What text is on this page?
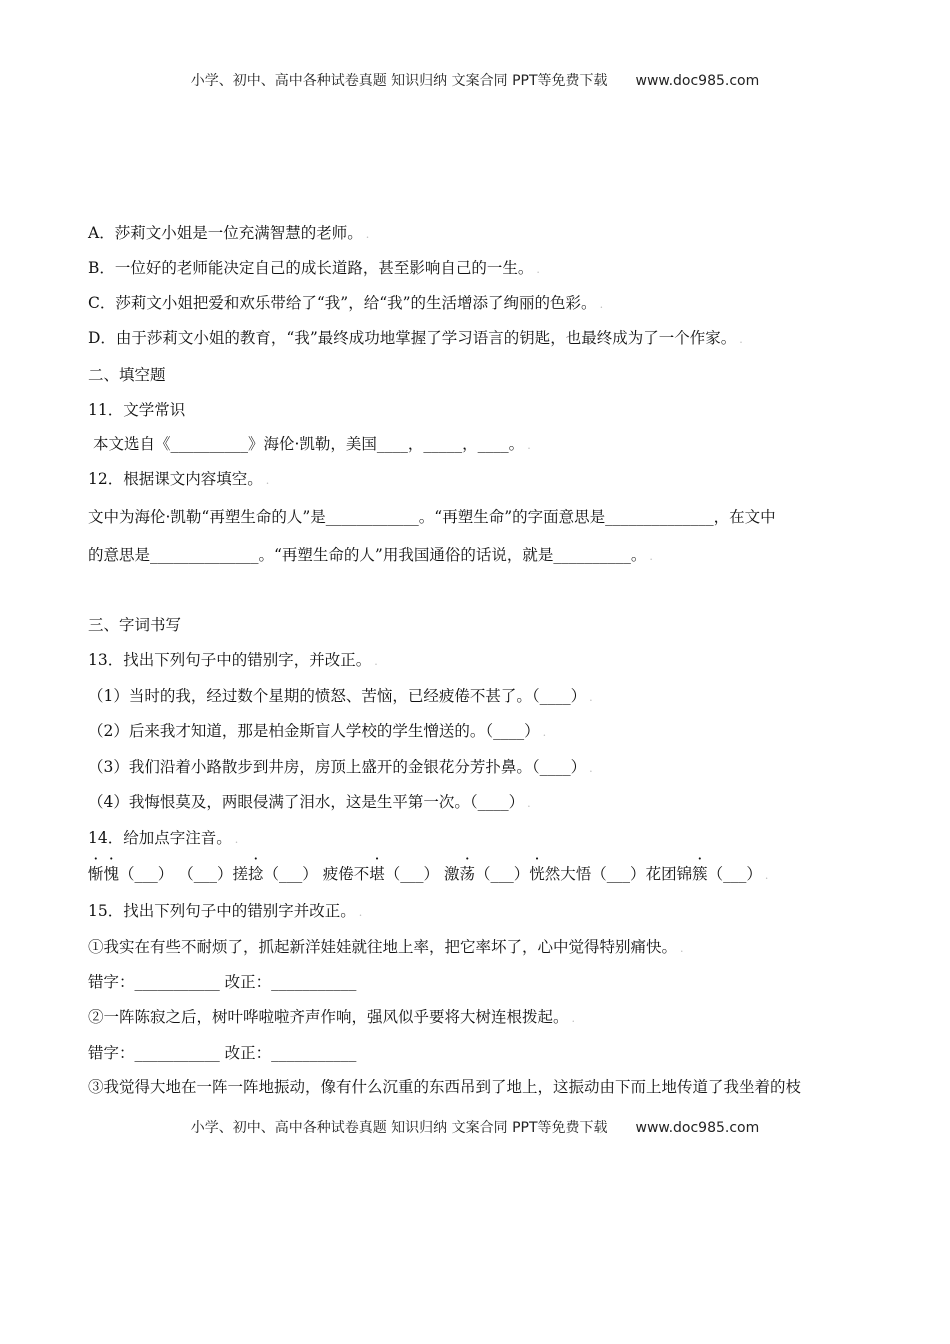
小学、初中、高中各种试卷真题 知识归纳 文案合同 PPT等免费下载 www.doc985.com
A．莎莉文小姐是一位充满智慧的老师。 .
B．一位好的老师能决定自己的成长道路，甚至影响自己的一生。 .
C．莎莉文小姐把爱和欢乐带给了“我”，给“我”的生活增添了绚丽的色彩。 .
D．由于莎莉文小姐的教育，“我”最终成功地掌握了学习语言的钥匙，也最终成为了一个作家。 .
二、填空题
11．文学常识
本文选自《__________》海伦·凯勒，美国____，_____，____。 .
12．根据课文内容填空。 .
文中为海伦·凯勒“再塑生命的人”是____________。“再塑生命”的字面意思是______________，在文中
的意思是______________。“再塑生命的人”用我国通俗的话说，就是__________。 .
三、字词书写
13．找出下列句子中的错别字，并改正。 .
（1）当时的我，经过数个星期的愤怒、苦恼，已经疲倦不甚了。（____） .
（2）后来我才知道，那是柏金斯盲人学校的学生憎送的。（____） .
（3）我们沿着小路散步到井房，房顶上盛开的金银花分芳扑鼻。（____） .
（4）我悔恨莫及，两眼侵满了泪水，这是生平第一次。（____） .
14．给加点字注音。 .
惭愧（___） （___）搓捻（___） 疲倦不堪（___） 激荡（___）恍然大悟（___）花团锦簇（___） .
15．找出下列句子中的错别字并改正。 .
①我实在有些不耐烦了，抓起新洋娃娃就往地上率，把它率坏了，心中觉得特别痛快。 .
错字：___________ 改正：___________
②一阵陈寂之后，树叶哗啦啦齐声作响，强风似乎要将大树连根拨起。 .
错字：___________ 改正：___________
③我觉得大地在一阵一阵地振动，像有什么沉重的东西吊到了地上，这振动由下而上地传道了我坐着的枝
小学、初中、高中各种试卷真题 知识归纳 文案合同 PPT等免费下载 www.doc985.com
